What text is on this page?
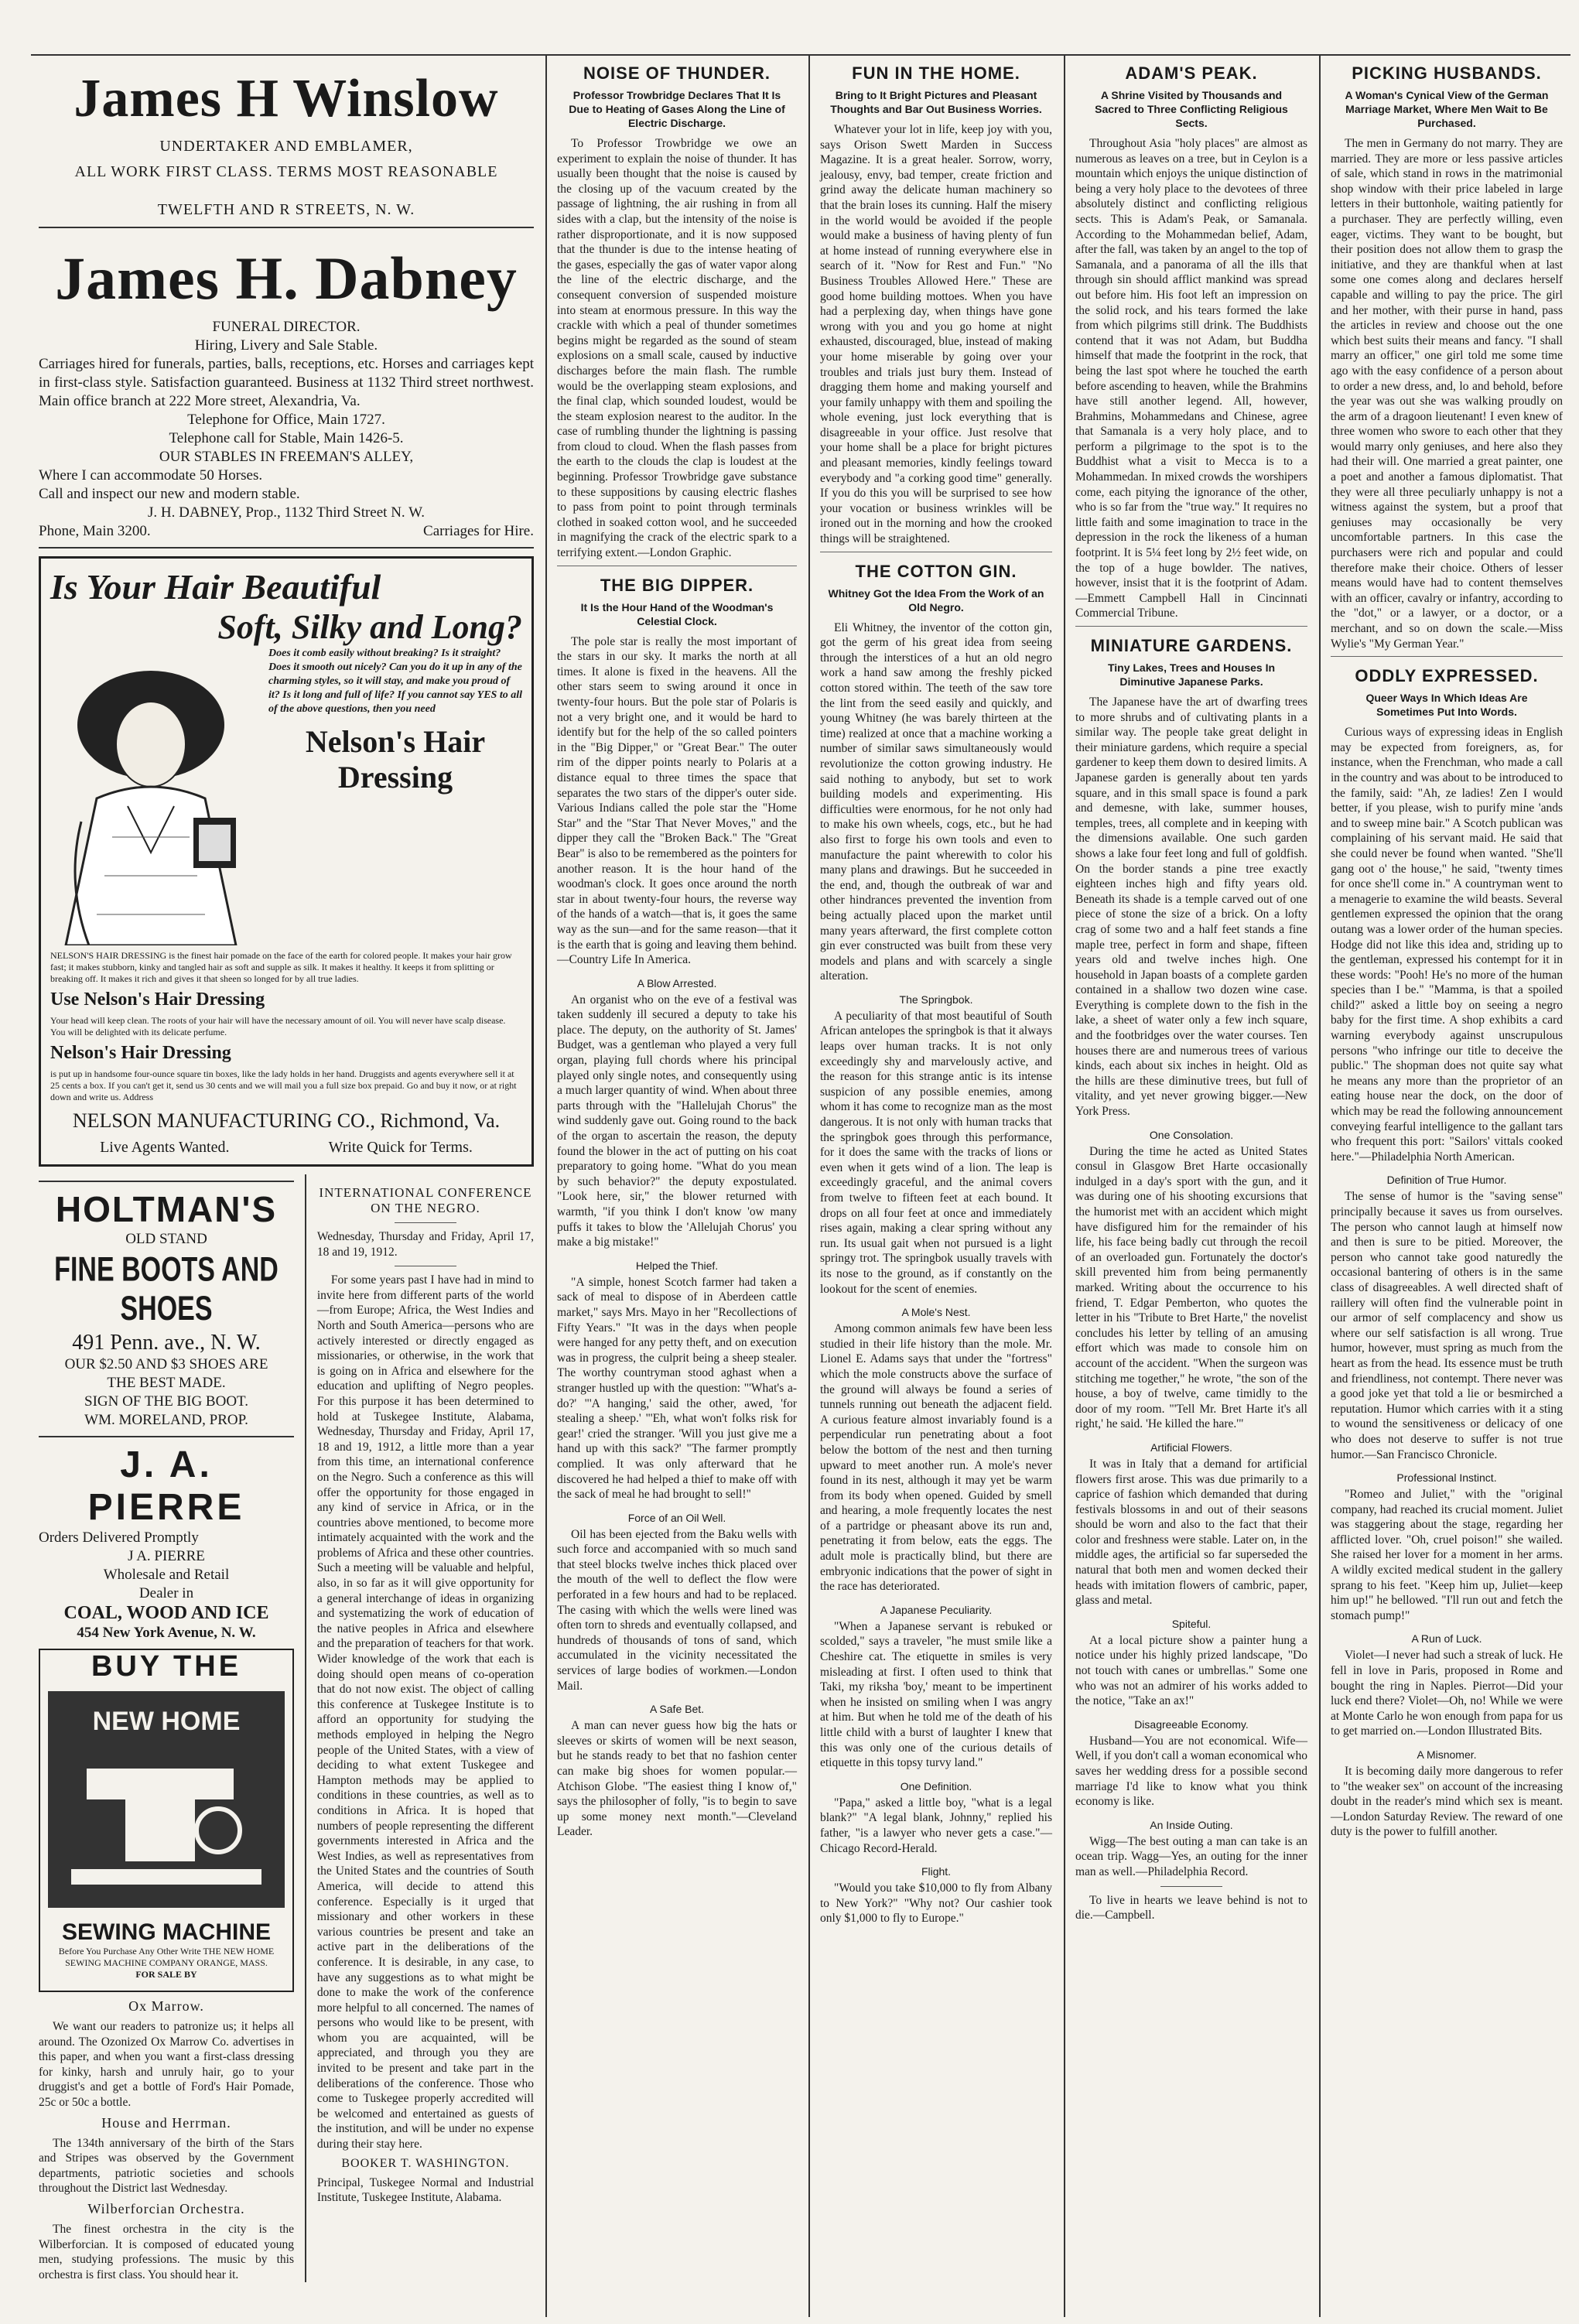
James H Winslow
UNDERTAKER AND EMBLAMER,
ALL WORK FIRST CLASS. TERMS MOST REASONABLE
TWELFTH AND R STREETS, N. W.
James H. Dabney
FUNERAL DIRECTOR.
Hiring, Livery and Sale Stable.
Carriages hired for funerals, parties, balls, receptions, etc. Horses and carriages kept in first-class style. Satisfaction guaranteed. Business at 1132 Third street northwest. Main office branch at 222 More street, Alexandria, Va.
Telephone for Office, Main 1727.
Telephone call for Stable, Main 1426-5.
OUR STABLES IN FREEMAN'S ALLEY,
Where I can accommodate 50 Horses.
Call and inspect our new and modern stable.
J. H. DABNEY, Prop., 1132 Third Street N. W.
Phone, Main 3200.	Carriages for Hire.
Is Your Hair Beautiful
Soft, Silky and Long?
Does it comb easily without breaking? Is it straight? Does it smooth out nicely? Can you do it up in any of the charming styles, so it will stay, and make you proud of it? Is it long and full of life? If you cannot say YES to all of the above questions, then you need
Nelson's Hair Dressing
NELSON'S HAIR DRESSING is the finest hair pomade on the face of the earth for colored people. It makes your hair grow fast; it makes stubborn, kinky and tangled hair as soft and supple as silk. It makes it healthy. It keeps it from splitting or breaking off. It makes it rich and gives it that sheen so longed for by all true ladies.
Use Nelson's Hair Dressing
Your head will keep clean. The roots of your hair will have the necessary amount of oil. You will never have scalp disease. You will be delighted with its delicate perfume.
Nelson's Hair Dressing
is put up in handsome four-ounce square tin boxes, like the lady holds in her hand. Druggists and agents everywhere sell it at 25 cents a box. If you can't get it, send us 30 cents and we will mail you a full size box prepaid. Go and buy it now, or at right down and write us. Address
NELSON MANUFACTURING CO., Richmond, Va.
Live Agents Wanted.	Write Quick for Terms.
HOLTMAN'S
OLD STAND
FINE BOOTS AND SHOES
491 Penn. ave., N. W.
OUR $2.50 AND $3 SHOES ARE
THE BEST MADE.
SIGN OF THE BIG BOOT.
WM. MORELAND, PROP.
J. A. PIERRE
Orders Delivered Promptly
J A. PIERRE
Wholesale and Retail
Dealer in
COAL, WOOD AND ICE
454 New York Avenue, N. W.
BUY THE
NEW HOME
SEWING MACHINE
Before You Purchase Any Other Write THE NEW HOME SEWING MACHINE COMPANY ORANGE, MASS.
FOR SALE BY
Ox Marrow.

We want our readers to patronize us; it helps all around. The Ozonized Ox Marrow Co. advertises in this paper, and when you want a first-class dressing for kinky, harsh and unruly hair, go to your druggist's and get a bottle of Ford's Hair Pomade, 25c or 50c a bottle.

House and Herrman.

The 134th anniversary of the birth of the Stars and Stripes was observed by the Government departments, patriotic societies and schools throughout the District last Wednesday.

Wilberforcian Orchestra.

The finest orchestra in the city is the Wilberforcian. It is composed of educated young men, studying professions. The music by this orchestra is first class. You should hear it.

INTERNATIONAL CONFERENCE ON THE NEGRO.

Wednesday, Thursday and Friday, April 17, 18 and 19, 1912.

For some years past I have had in mind to invite here from different parts of the world—from Europe; Africa, the West Indies and North and South America—persons who are actively interested or directly engaged as missionaries, or otherwise, in the work that is going on in Africa and elsewhere for the education and uplifting of Negro peoples. For this purpose it has been determined to hold at Tuskegee Institute, Alabama, Wednesday, Thursday and Friday, April 17, 18 and 19, 1912, a little more than a year from this time, an international conference on the Negro. Such a conference as this will offer the opportunity for those engaged in any kind of service in Africa, or in the countries above mentioned, to become more intimately acquainted with the work and the problems of Africa and these other countries. Such a meeting will be valuable and helpful, also, in so far as it will give opportunity for a general interchange of ideas in organizing and systematizing the work of education of the native peoples in Africa and elsewhere and the preparation of teachers for that work. Wider knowledge of the work that each is doing should open means of co-operation that do not now exist. The object of calling this conference at Tuskegee Institute is to afford an opportunity for studying the methods employed in helping the Negro people of the United States, with a view of deciding to what extent Tuskegee and Hampton methods may be applied to conditions in these countries, as well as to conditions in Africa. It is hoped that numbers of people representing the different governments interested in Africa and the West Indies, as well as representatives from the United States and the countries of South America, will decide to attend this conference. Especially is it urged that missionary and other workers in these various countries be present and take an active part in the deliberations of the conference. It is desirable, in any case, to have any suggestions as to what might be done to make the work of the conference more helpful to all concerned. The names of persons who would like to be present, with whom you are acquainted, will be appreciated, and through you they are invited to be present and take part in the deliberations of the conference. Those who come to Tuskegee properly accredited will be welcomed and entertained as guests of the institution, and will be under no expense during their stay here.

BOOKER T. WASHINGTON.

Principal, Tuskegee Normal and Industrial Institute, Tuskegee Institute, Alabama.

NOISE OF THUNDER.
Professor Trowbridge Declares That It Is Due to Heating of Gases Along the Line of Electric Discharge.

To Professor Trowbridge we owe an experiment to explain the noise of thunder. It has usually been thought that the noise is caused by the closing up of the vacuum created by the passage of lightning, the air rushing in from all sides with a clap, but the intensity of the noise is rather disproportionate, and it is now supposed that the thunder is due to the intense heating of the gases, especially the gas of water vapor along the line of the electric discharge, and the consequent conversion of suspended moisture into steam at enormous pressure. In this way the crackle with which a peal of thunder sometimes begins might be regarded as the sound of steam explosions on a small scale, caused by inductive discharges before the main flash. The rumble would be the overlapping steam explosions, and the final clap, which sounded loudest, would be the steam explosion nearest to the auditor. In the case of rumbling thunder the lightning is passing from cloud to cloud. When the flash passes from the earth to the clouds the clap is loudest at the beginning. Professor Trowbridge gave substance to these suppositions by causing electric flashes to pass from point to point through terminals clothed in soaked cotton wool, and he succeeded in magnifying the crack of the electric spark to a terrifying extent.—London Graphic.

THE BIG DIPPER.
It Is the Hour Hand of the Woodman's Celestial Clock.

The pole star is really the most important of the stars in our sky. It marks the north at all times. It alone is fixed in the heavens. All the other stars seem to swing around it once in twenty-four hours. But the pole star of Polaris is not a very bright one, and it would be hard to identify but for the help of the so called pointers in the "Big Dipper," or "Great Bear." The outer rim of the dipper points nearly to Polaris at a distance equal to three times the space that separates the two stars of the dipper's outer side. Various Indians called the pole star the "Home Star" and the "Star That Never Moves," and the dipper they call the "Broken Back." The "Great Bear" is also to be remembered as the pointers for another reason. It is the hour hand of the woodman's clock. It goes once around the north star in about twenty-four hours, the reverse way of the hands of a watch—that is, it goes the same way as the sun—and for the same reason—that it is the earth that is going and leaving them behind.—Country Life In America.

A Blow Arrested.

An organist who on the eve of a festival was taken suddenly ill secured a deputy to take his place. The deputy, on the authority of St. James' Budget, was a gentleman who played a very full organ, playing full chords where his principal played only single notes, and consequently using a much larger quantity of wind. When about three parts through with the "Hallelujah Chorus" the wind suddenly gave out. Going round to the back of the organ to ascertain the reason, the deputy found the blower in the act of putting on his coat preparatory to going home. "What do you mean by such behavior?" the deputy expostulated. "Look here, sir," the blower returned with warmth, "if you think I don't know 'ow many puffs it takes to blow the 'Allelujah Chorus' you make a big mistake!"

Helped the Thief.

"A simple, honest Scotch farmer had taken a sack of meal to dispose of in Aberdeen cattle market," says Mrs. Mayo in her "Recollections of Fifty Years." "It was in the days when people were hanged for any petty theft, and on execution was in progress, the culprit being a sheep stealer. The worthy countryman stood aghast when a stranger hustled up with the question: "'What's a-do?' "'A hanging,' said the other, awed, 'for stealing a sheep.' "'Eh, what won't folks risk for gear!' cried the stranger. 'Will you just give me a hand up with this sack?' "The farmer promptly complied. It was only afterward that he discovered he had helped a thief to make off with the sack of meal he had brought to sell!"

Force of an Oil Well.

Oil has been ejected from the Baku wells with such force and accompanied with so much sand that steel blocks twelve inches thick placed over the mouth of the well to deflect the flow were perforated in a few hours and had to be replaced. The casing with which the wells were lined was often torn to shreds and eventually collapsed, and hundreds of thousands of tons of sand, which accumulated in the vicinity necessitated the services of large bodies of workmen.—London Mail.

A Safe Bet.

A man can never guess how big the hats or sleeves or skirts of women will be next season, but he stands ready to bet that no fashion center can make big shoes for women popular.—Atchison Globe. "The easiest thing I know of," says the philosopher of folly, "is to begin to save up some money next month."—Cleveland Leader.

FUN IN THE HOME.
Bring to It Bright Pictures and Pleasant Thoughts and Bar Out Business Worries.

Whatever your lot in life, keep joy with you, says Orison Swett Marden in Success Magazine. It is a great healer. Sorrow, worry, jealousy, envy, bad temper, create friction and grind away the delicate human machinery so that the brain loses its cunning. Half the misery in the world would be avoided if the people would make a business of having plenty of fun at home instead of running everywhere else in search of it. "Now for Rest and Fun." "No Business Troubles Allowed Here." These are good home building mottoes. When you have had a perplexing day, when things have gone wrong with you and you go home at night exhausted, discouraged, blue, instead of making your home miserable by going over your troubles and trials just bury them. Instead of dragging them home and making yourself and your family unhappy with them and spoiling the whole evening, just lock everything that is disagreeable in your office. Just resolve that your home shall be a place for bright pictures and pleasant memories, kindly feelings toward everybody and "a corking good time" generally. If you do this you will be surprised to see how your vocation or business wrinkles will be ironed out in the morning and how the crooked things will be straightened.

THE COTTON GIN.
Whitney Got the Idea From the Work of an Old Negro.

Eli Whitney, the inventor of the cotton gin, got the germ of his great idea from seeing through the interstices of a hut an old negro work a hand saw among the freshly picked cotton stored within. The teeth of the saw tore the lint from the seed easily and quickly, and young Whitney (he was barely thirteen at the time) realized at once that a machine working a number of similar saws simultaneously would revolutionize the cotton growing industry. He said nothing to anybody, but set to work building models and experimenting. His difficulties were enormous, for he not only had to make his own wheels, cogs, etc., but he had also first to forge his own tools and even to manufacture the paint wherewith to color his many plans and drawings. But he succeeded in the end, and, though the outbreak of war and other hindrances prevented the invention from being actually placed upon the market until many years afterward, the first complete cotton gin ever constructed was built from these very models and plans and with scarcely a single alteration.

The Springbok.

A peculiarity of that most beautiful of South African antelopes the springbok is that it always leaps over human tracks. It is not only exceedingly shy and marvelously active, and the reason for this strange antic is its intense suspicion of any possible enemies, among whom it has come to recognize man as the most dangerous. It is not only with human tracks that the springbok goes through this performance, for it does the same with the tracks of lions or even when it gets wind of a lion. The leap is exceedingly graceful, and the animal covers from twelve to fifteen feet at each bound. It drops on all four feet at once and immediately rises again, making a clear spring without any run. Its usual gait when not pursued is a light springy trot. The springbok usually travels with its nose to the ground, as if constantly on the lookout for the scent of enemies.

A Mole's Nest.

Among common animals few have been less studied in their life history than the mole. Mr. Lionel E. Adams says that under the "fortress" which the mole constructs above the surface of the ground will always be found a series of tunnels running out beneath the adjacent field. A curious feature almost invariably found is a perpendicular run penetrating about a foot below the bottom of the nest and then turning upward to meet another run. A mole's never found in its nest, although it may yet be warm from its body when opened. Guided by smell and hearing, a mole frequently locates the nest of a partridge or pheasant above its run and, penetrating it from below, eats the eggs. The adult mole is practically blind, but there are embryonic indications that the power of sight in the race has deteriorated.

A Japanese Peculiarity.

"When a Japanese servant is rebuked or scolded," says a traveler, "he must smile like a Cheshire cat. The etiquette in smiles is very misleading at first. I often used to think that Taki, my riksha 'boy,' meant to be impertinent when he insisted on smiling when I was angry at him. But when he told me of the death of his little child with a burst of laughter I knew that this was only one of the curious details of etiquette in this topsy turvy land."

One Definition.

"Papa," asked a little boy, "what is a legal blank?" "A legal blank, Johnny," replied his father, "is a lawyer who never gets a case."—Chicago Record-Herald.

Flight.

"Would you take $10,000 to fly from Albany to New York?" "Why not? Our cashier took only $1,000 to fly to Europe."

ADAM'S PEAK.
A Shrine Visited by Thousands and Sacred to Three Conflicting Religious Sects.

Throughout Asia "holy places" are almost as numerous as leaves on a tree, but in Ceylon is a mountain which enjoys the unique distinction of being a very holy place to the devotees of three absolutely distinct and conflicting religious sects. This is Adam's Peak, or Samanala. According to the Mohammedan belief, Adam, after the fall, was taken by an angel to the top of Samanala, and a panorama of all the ills that through sin should afflict mankind was spread out before him. His foot left an impression on the solid rock, and his tears formed the lake from which pilgrims still drink. The Buddhists contend that it was not Adam, but Buddha himself that made the footprint in the rock, that being the last spot where he touched the earth before ascending to heaven, while the Brahmins have still another legend. All, however, Brahmins, Mohammedans and Chinese, agree that Samanala is a very holy place, and to perform a pilgrimage to the spot is to the Buddhist what a visit to Mecca is to a Mohammedan. In mixed crowds the worshipers come, each pitying the ignorance of the other, who is so far from the "true way." It requires no little faith and some imagination to trace in the depression in the rock the likeness of a human footprint. It is 5¼ feet long by 2½ feet wide, on the top of a huge bowlder. The natives, however, insist that it is the footprint of Adam.—Emmett Campbell Hall in Cincinnati Commercial Tribune.

MINIATURE GARDENS.
Tiny Lakes, Trees and Houses In Diminutive Japanese Parks.

The Japanese have the art of dwarfing trees to more shrubs and of cultivating plants in a similar way. The people take great delight in their miniature gardens, which require a special gardener to keep them down to desired limits. A Japanese garden is generally about ten yards square, and in this small space is found a park and demesne, with lake, summer houses, temples, trees, all complete and in keeping with the dimensions available. One such garden shows a lake four feet long and full of goldfish. On the border stands a pine tree exactly eighteen inches high and fifty years old. Beneath its shade is a temple carved out of one piece of stone the size of a brick. On a lofty crag of some two and a half feet stands a fine maple tree, perfect in form and shape, fifteen years old and twelve inches high. One household in Japan boasts of a complete garden contained in a shallow two dozen wine case. Everything is complete down to the fish in the lake, a sheet of water only a few inch square, and the footbridges over the water courses. Ten houses there are and numerous trees of various kinds, each about six inches in height. Old as the hills are these diminutive trees, but full of vitality, and yet never growing bigger.—New York Press.

One Consolation.

During the time he acted as United States consul in Glasgow Bret Harte occasionally indulged in a day's sport with the gun, and it was during one of his shooting excursions that the humorist met with an accident which might have disfigured him for the remainder of his life, his face being badly cut through the recoil of an overloaded gun. Fortunately the doctor's skill prevented him from being permanently marked. Writing about the occurrence to his friend, T. Edgar Pemberton, who quotes the letter in his "Tribute to Bret Harte," the novelist concludes his letter by telling of an amusing effort which was made to console him on account of the accident. "When the surgeon was stitching me together," he wrote, "the son of the house, a boy of twelve, came timidly to the door of my room. "'Tell Mr. Bret Harte it's all right,' he said. 'He killed the hare.'"

Artificial Flowers.

It was in Italy that a demand for artificial flowers first arose. This was due primarily to a caprice of fashion which demanded that during festivals blossoms in and out of their seasons should be worn and also to the fact that their color and freshness were stable. Later on, in the middle ages, the artificial so far superseded the natural that both men and women decked their heads with imitation flowers of cambric, paper, glass and metal.

Spiteful.

At a local picture show a painter hung a notice under his highly prized landscape, "Do not touch with canes or umbrellas." Some one who was not an admirer of his works added to the notice, "Take an ax!"

Disagreeable Economy.

Husband—You are not economical. Wife—Well, if you don't call a woman economical who saves her wedding dress for a possible second marriage I'd like to know what you think economy is like.

An Inside Outing.

Wigg—The best outing a man can take is an ocean trip. Wagg—Yes, an outing for the inner man as well.—Philadelphia Record.

To live in hearts we leave behind is not to die.—Campbell.

PICKING HUSBANDS.
A Woman's Cynical View of the German Marriage Market, Where Men Wait to Be Purchased.

The men in Germany do not marry. They are married. They are more or less passive articles of sale, which stand in rows in the matrimonial shop window with their price labeled in large letters in their buttonhole, waiting patiently for a purchaser. They are perfectly willing, even eager, victims. They want to be bought, but their position does not allow them to grasp the initiative, and they are thankful when at last some one comes along and declares herself capable and willing to pay the price. The girl and her mother, with their purse in hand, pass the articles in review and choose out the one which best suits their means and fancy. "I shall marry an officer," one girl told me some time ago with the easy confidence of a person about to order a new dress, and, lo and behold, before the year was out she was walking proudly on the arm of a dragoon lieutenant! I even knew of three women who swore to each other that they would marry only geniuses, and here also they had their will. One married a great painter, one a poet and another a famous diplomatist. That they were all three peculiarly unhappy is not a witness against the system, but a proof that geniuses may occasionally be very uncomfortable partners. In this case the purchasers were rich and popular and could therefore make their choice. Others of lesser means would have had to content themselves with an officer, cavalry or infantry, according to the "dot," or a lawyer, or a doctor, or a merchant, and so on down the scale.—Miss Wylie's "My German Year."

ODDLY EXPRESSED.
Queer Ways In Which Ideas Are Sometimes Put Into Words.

Curious ways of expressing ideas in English may be expected from foreigners, as, for instance, when the Frenchman, who made a call in the country and was about to be introduced to the family, said: "Ah, ze ladies! Zen I would better, if you please, wish to purify mine 'ands and to sweep mine bair." A Scotch publican was complaining of his servant maid. He said that she could never be found when wanted. "She'll gang oot o' the house," he said, "twenty times for once she'll come in." A countryman went to a menagerie to examine the wild beasts. Several gentlemen expressed the opinion that the orang outang was a lower order of the human species. Hodge did not like this idea and, striding up to the gentleman, expressed his contempt for it in these words: "Pooh! He's no more of the human species than I be." "Mamma, is that a spoiled child?" asked a little boy on seeing a negro baby for the first time. A shop exhibits a card warning everybody against unscrupulous persons "who infringe our title to deceive the public." The shopman does not quite say what he means any more than the proprietor of an eating house near the dock, on the door of which may be read the following announcement conveying fearful intelligence to the gallant tars who frequent this port: "Sailors' vittals cooked here."—Philadelphia North American.

Definition of True Humor.

The sense of humor is the "saving sense" principally because it saves us from ourselves. The person who cannot laugh at himself now and then is sure to be pitied. Moreover, the person who cannot take good naturedly the occasional bantering of others is in the same class of disagreeables. A well directed shaft of raillery will often find the vulnerable point in our armor of self complacency and show us where our self satisfaction is all wrong. True humor, however, must spring as much from the heart as from the head. Its essence must be truth and friendliness, not contempt. There never was a good joke yet that told a lie or besmirched a reputation. Humor which carries with it a sting to wound the sensitiveness or delicacy of one who does not deserve to suffer is not true humor.—San Francisco Chronicle.

Professional Instinct.

"Romeo and Juliet," with the "original company, had reached its crucial moment. Juliet was staggering about the stage, regarding her afflicted lover. "Oh, cruel poison!" she wailed. She raised her lover for a moment in her arms. A wildly excited medical student in the gallery sprang to his feet. "Keep him up, Juliet—keep him up!" he bellowed. "I'll run out and fetch the stomach pump!"

A Run of Luck.

Violet—I never had such a streak of luck. He fell in love in Paris, proposed in Rome and bought the ring in Naples. Pierrot—Did your luck end there? Violet—Oh, no! While we were at Monte Carlo he won enough from papa for us to get married on.—London Illustrated Bits.

A Misnomer.

It is becoming daily more dangerous to refer to "the weaker sex" on account of the increasing doubt in the reader's mind which sex is meant.—London Saturday Review. The reward of one duty is the power to fulfill another.
